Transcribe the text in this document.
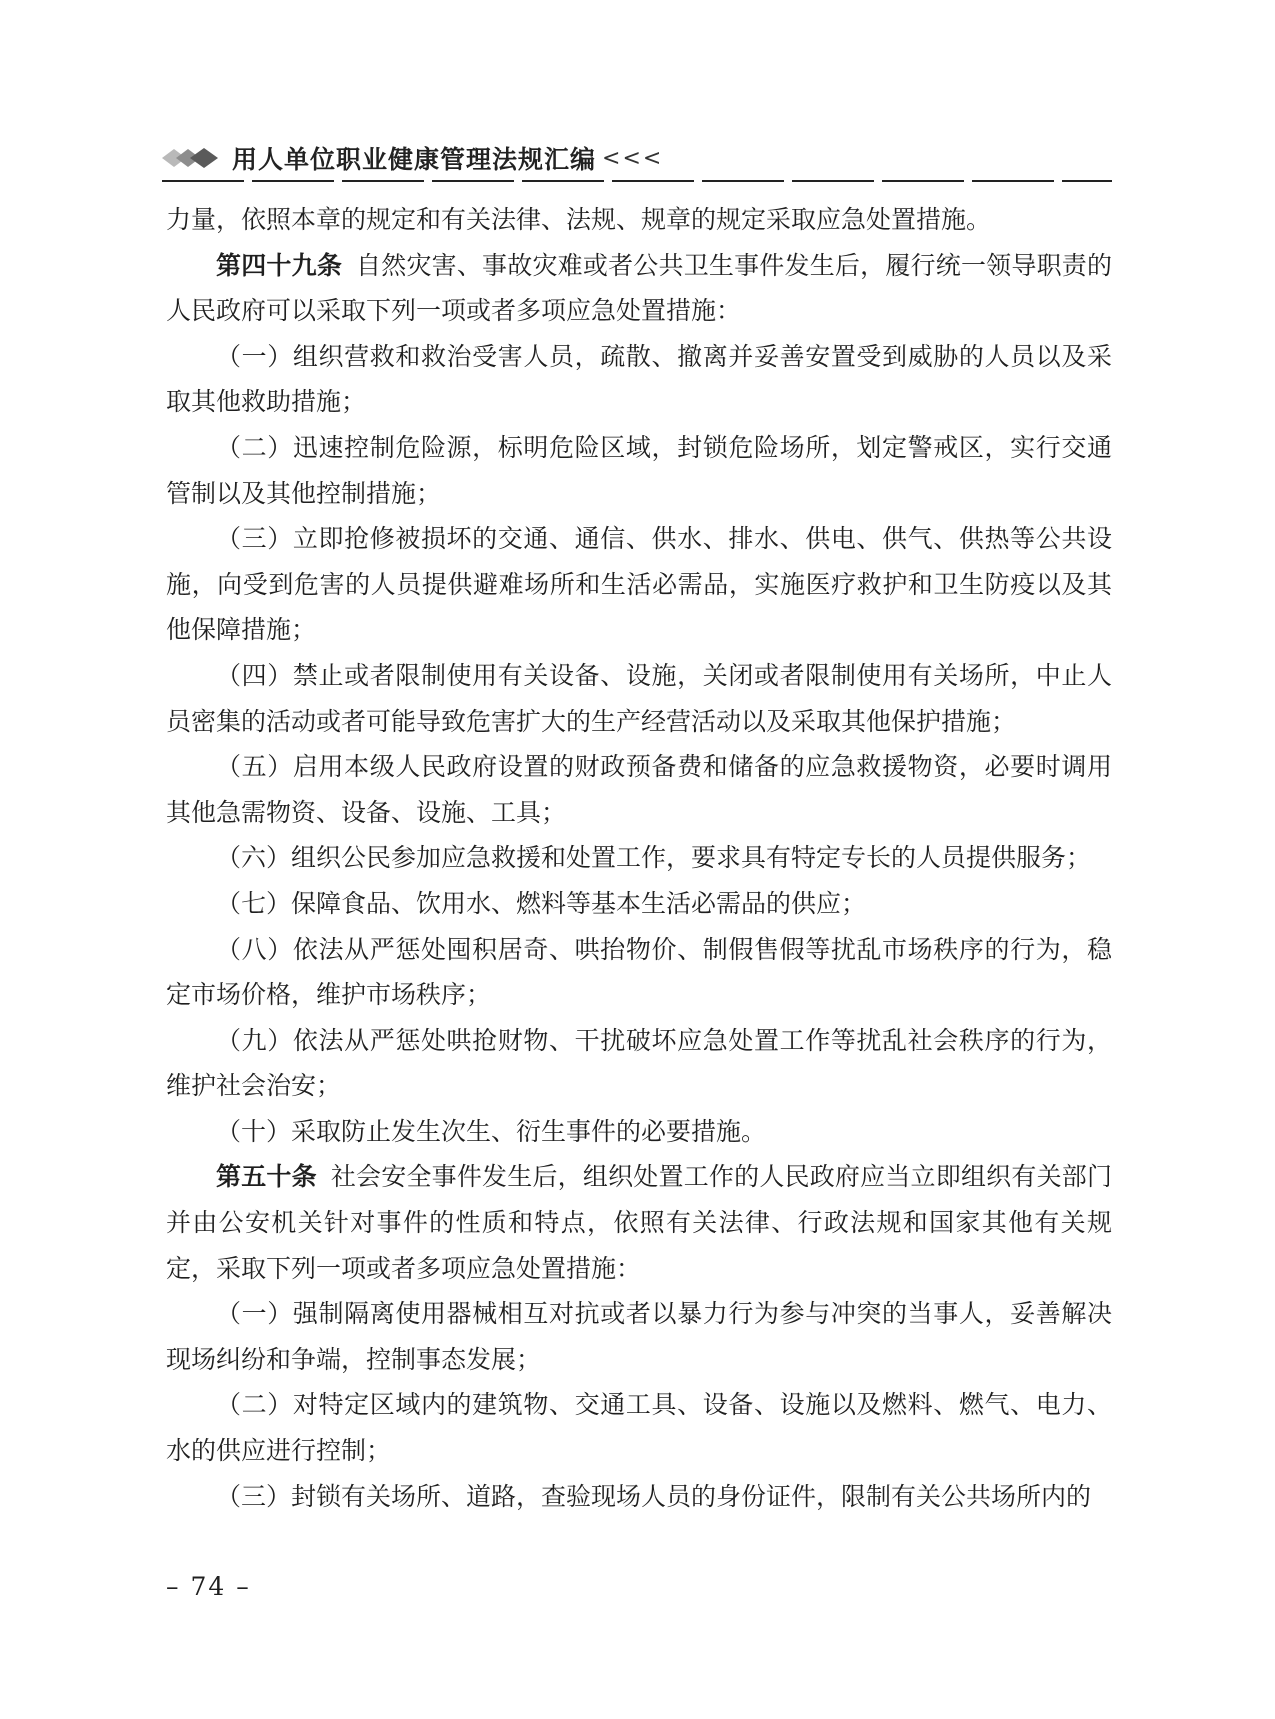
用人单位职业健康管理法规汇编 <<<

力量，依照本章的规定和有关法律、法规、规章的规定采取应急处置措施。

第四十九条 自然灾害、事故灾难或者公共卫生事件发生后，履行统一领导职责的人民政府可以采取下列一项或者多项应急处置措施：

（一）组织营救和救治受害人员，疏散、撤离并妥善安置受到威胁的人员以及采取其他救助措施；

（二）迅速控制危险源，标明危险区域，封锁危险场所，划定警戒区，实行交通管制以及其他控制措施；

（三）立即抢修被损坏的交通、通信、供水、排水、供电、供气、供热等公共设施，向受到危害的人员提供避难场所和生活必需品，实施医疗救护和卫生防疫以及其他保障措施；

（四）禁止或者限制使用有关设备、设施，关闭或者限制使用有关场所，中止人员密集的活动或者可能导致危害扩大的生产经营活动以及采取其他保护措施；

（五）启用本级人民政府设置的财政预备费和储备的应急救援物资，必要时调用其他急需物资、设备、设施、工具；

（六）组织公民参加应急救援和处置工作，要求具有特定专长的人员提供服务；

（七）保障食品、饮用水、燃料等基本生活必需品的供应；

（八）依法从严惩处囤积居奇、哄抬物价、制假售假等扰乱市场秩序的行为，稳定市场价格，维护市场秩序；

（九）依法从严惩处哄抢财物、干扰破坏应急处置工作等扰乱社会秩序的行为，维护社会治安；

（十）采取防止发生次生、衍生事件的必要措施。

第五十条 社会安全事件发生后，组织处置工作的人民政府应当立即组织有关部门并由公安机关针对事件的性质和特点，依照有关法律、行政法规和国家其他有关规定，采取下列一项或者多项应急处置措施：

（一）强制隔离使用器械相互对抗或者以暴力行为参与冲突的当事人，妥善解决现场纠纷和争端，控制事态发展；

（二）对特定区域内的建筑物、交通工具、设备、设施以及燃料、燃气、电力、水的供应进行控制；

（三）封锁有关场所、道路，查验现场人员的身份证件，限制有关公共场所内的

– 74 –
